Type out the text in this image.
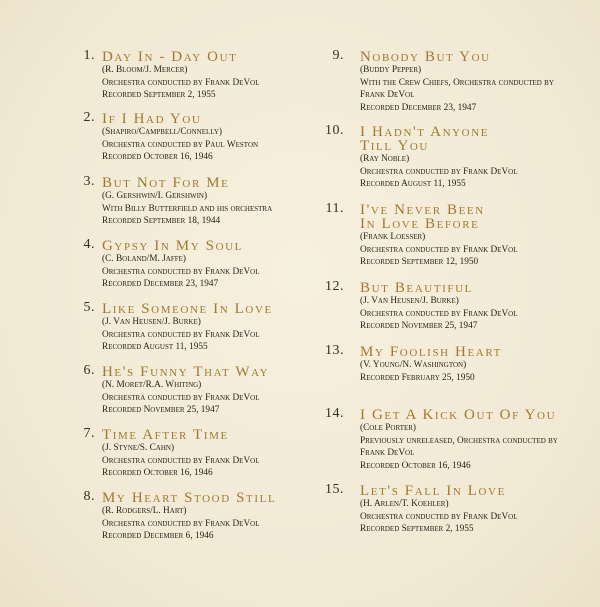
1. Day In - Day Out
(R. Bloom/J. Mercer)
Orchestra conducted by Frank DeVol
Recorded September 2, 1955
2. If I Had You
(Shapiro/Campbell/Connelly)
Orchestra conducted by Paul Weston
Recorded October 16, 1946
3. But Not For Me
(G. Gershwin/I. Gershwin)
With Billy Butterfield and his orchestra
Recorded September 18, 1944
4. Gypsy In My Soul
(C. Boland/M. Jaffe)
Orchestra conducted by Frank DeVol
Recorded December 23, 1947
5. Like Someone In Love
(J. Van Heusen/J. Burke)
Orchestra conducted by Frank DeVol
Recorded August 11, 1955
6. He's Funny That Way
(N. Moret/R.A. Whiting)
Orchestra conducted by Frank DeVol
Recorded November 25, 1947
7. Time After Time
(J. Styne/S. Cahn)
Orchestra conducted by Frank DeVol
Recorded October 16, 1946
8. My Heart Stood Still
(R. Rodgers/L. Hart)
Orchestra conducted by Frank DeVol
Recorded December 6, 1946
9. Nobody But You
(Buddy Pepper)
With the Crew Chiefs, Orchestra conducted by Frank DeVol
Recorded December 23, 1947
10. I Hadn't Anyone
Till You
(Ray Noble)
Orchestra conducted by Frank DeVol
Recorded August 11, 1955
11. I've Never Been
In Love Before
(Frank Loesser)
Orchestra conducted by Frank DeVol
Recorded September 12, 1950
12. But Beautiful
(J. Van Heusen/J. Burke)
Orchestra conducted by Frank DeVol
Recorded November 25, 1947
13. My Foolish Heart
(V. Young/N. Washington)
Recorded February 25, 1950
14. I Get A Kick Out Of You
(Cole Porter)
Previously unreleased, Orchestra conducted by Frank DeVol
Recorded October 16, 1946
15. Let's Fall In Love
(H. Arlen/T. Koehler)
Orchestra conducted by Frank DeVol
Recorded September 2, 1955
